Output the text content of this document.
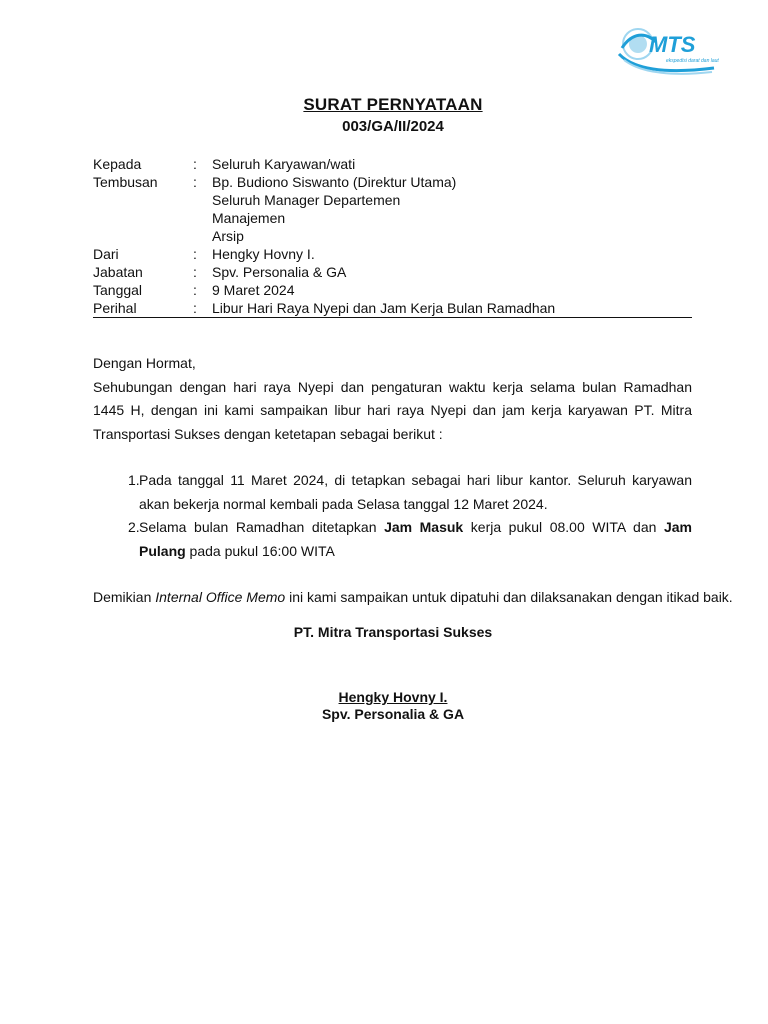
MTS
ekspedisi darat dan laut
SURAT PERNYATAAN
003/GA/II/2024
Kepada	:	Seluruh Karyawan/wati
Tembusan	:	Bp. Budiono Siswanto (Direktur Utama)
Seluruh Manager Departemen
Manajemen
Arsip
Dari	:	Hengky Hovny I.
Jabatan	:	Spv. Personalia & GA
Tanggal	:	9 Maret 2024
Perihal	:	Libur Hari Raya Nyepi dan Jam Kerja Bulan Ramadhan
Dengan Hormat,
Sehubungan dengan hari raya Nyepi dan pengaturan waktu kerja selama bulan Ramadhan 1445 H, dengan ini kami sampaikan libur hari raya Nyepi dan jam kerja karyawan PT. Mitra Transportasi Sukses dengan ketetapan sebagai berikut :
1. Pada tanggal 11 Maret 2024, di tetapkan sebagai hari libur kantor. Seluruh karyawan akan bekerja normal kembali pada Selasa tanggal 12 Maret 2024.
2. Selama bulan Ramadhan ditetapkan Jam Masuk kerja pukul 08.00 WITA dan Jam Pulang pada pukul 16:00 WITA
Demikian Internal Office Memo ini kami sampaikan untuk dipatuhi dan dilaksanakan dengan itikad baik.
PT. Mitra Transportasi Sukses
Hengky Hovny I.
Spv. Personalia & GA
